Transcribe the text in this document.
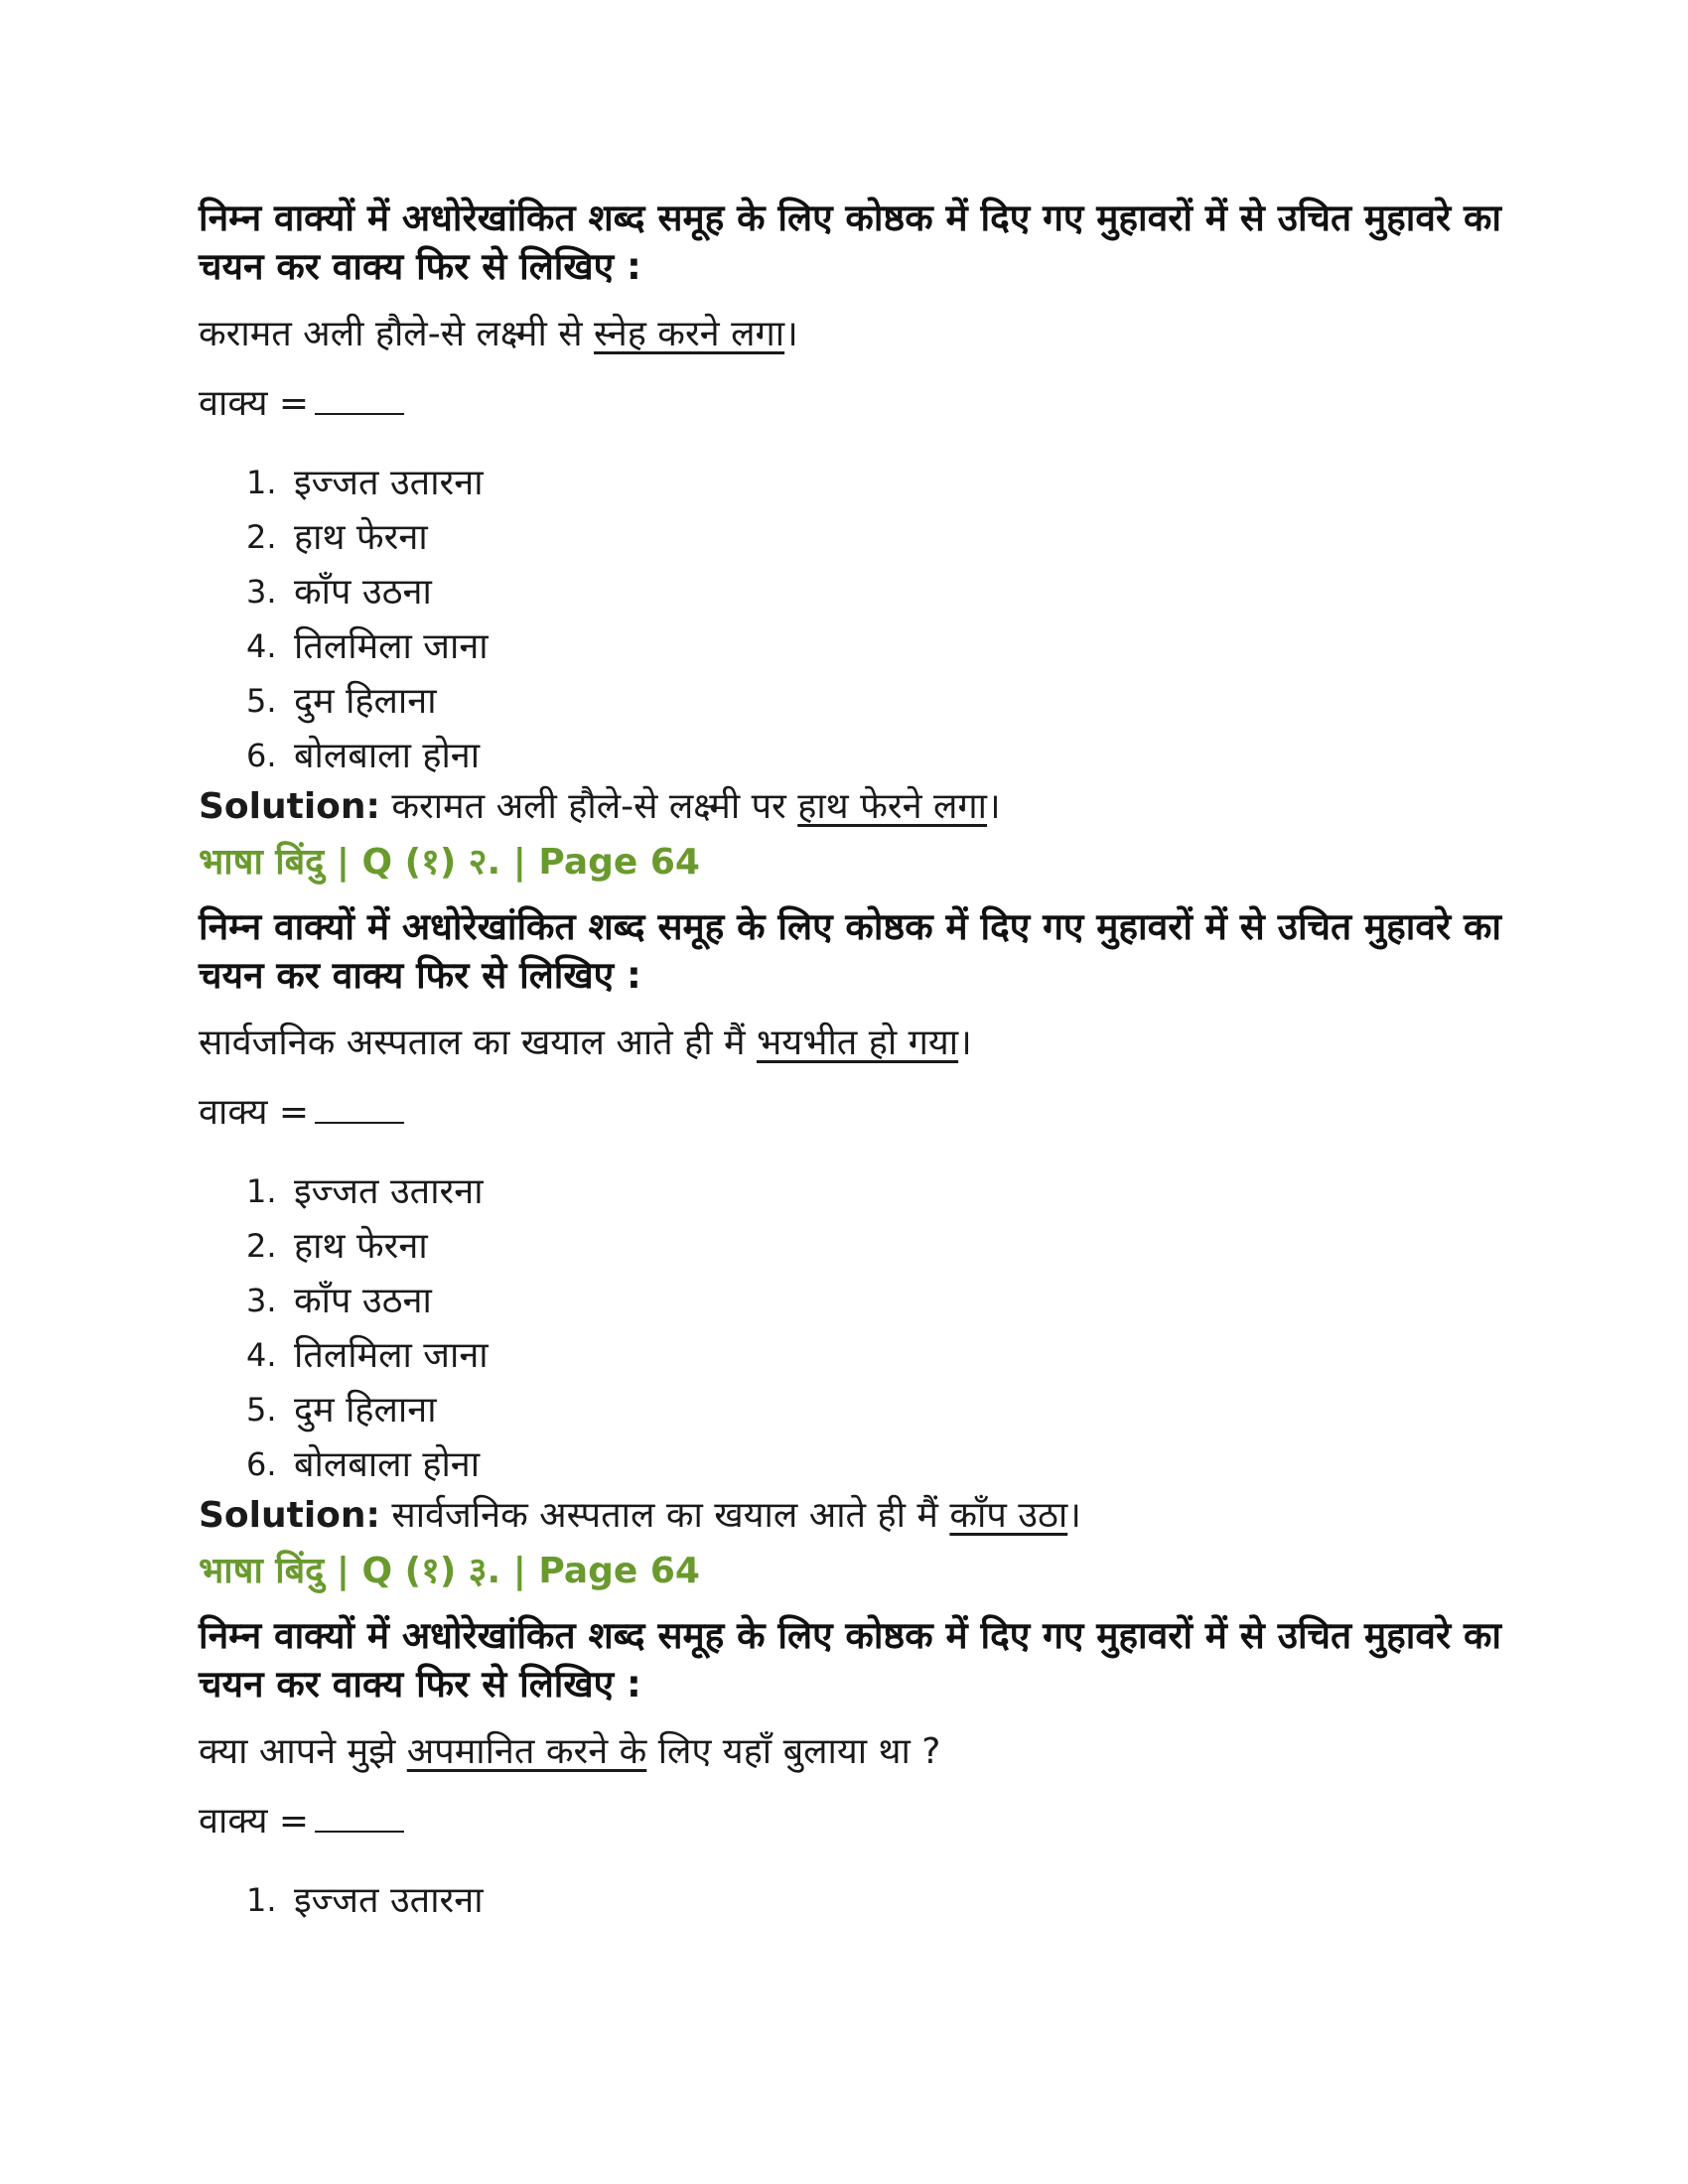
निम्न वाक्यों में अधोरेखांकित शब्द समूह के लिए कोष्ठक में दिए गए मुहावरों में से उचित मुहावरे का चयन कर वाक्य फिर से लिखिए :
करामत अली हौले-से लक्ष्मी से स्नेह करने लगा।
वाक्य =
1. इज्जत उतारना
2. हाथ फेरना
3. काँप उठना
4. तिलमिला जाना
5. दुम हिलाना
6. बोलबाला होना
Solution: करामत अली हौले-से लक्ष्मी पर हाथ फेरने लगा।
भाषा बिंदु | Q (१) २. | Page 64
निम्न वाक्यों में अधोरेखांकित शब्द समूह के लिए कोष्ठक में दिए गए मुहावरों में से उचित मुहावरे का चयन कर वाक्य फिर से लिखिए :
सार्वजनिक अस्पताल का खयाल आते ही मैं भयभीत हो गया।
वाक्य =
1. इज्जत उतारना
2. हाथ फेरना
3. काँप उठना
4. तिलमिला जाना
5. दुम हिलाना
6. बोलबाला होना
Solution: सार्वजनिक अस्पताल का खयाल आते ही मैं काँप उठा।
भाषा बिंदु | Q (१) ३. | Page 64
निम्न वाक्यों में अधोरेखांकित शब्द समूह के लिए कोष्ठक में दिए गए मुहावरों में से उचित मुहावरे का चयन कर वाक्य फिर से लिखिए :
क्या आपने मुझे अपमानित करने के लिए यहाँ बुलाया था ?
वाक्य =
1. इज्जत उतारना
